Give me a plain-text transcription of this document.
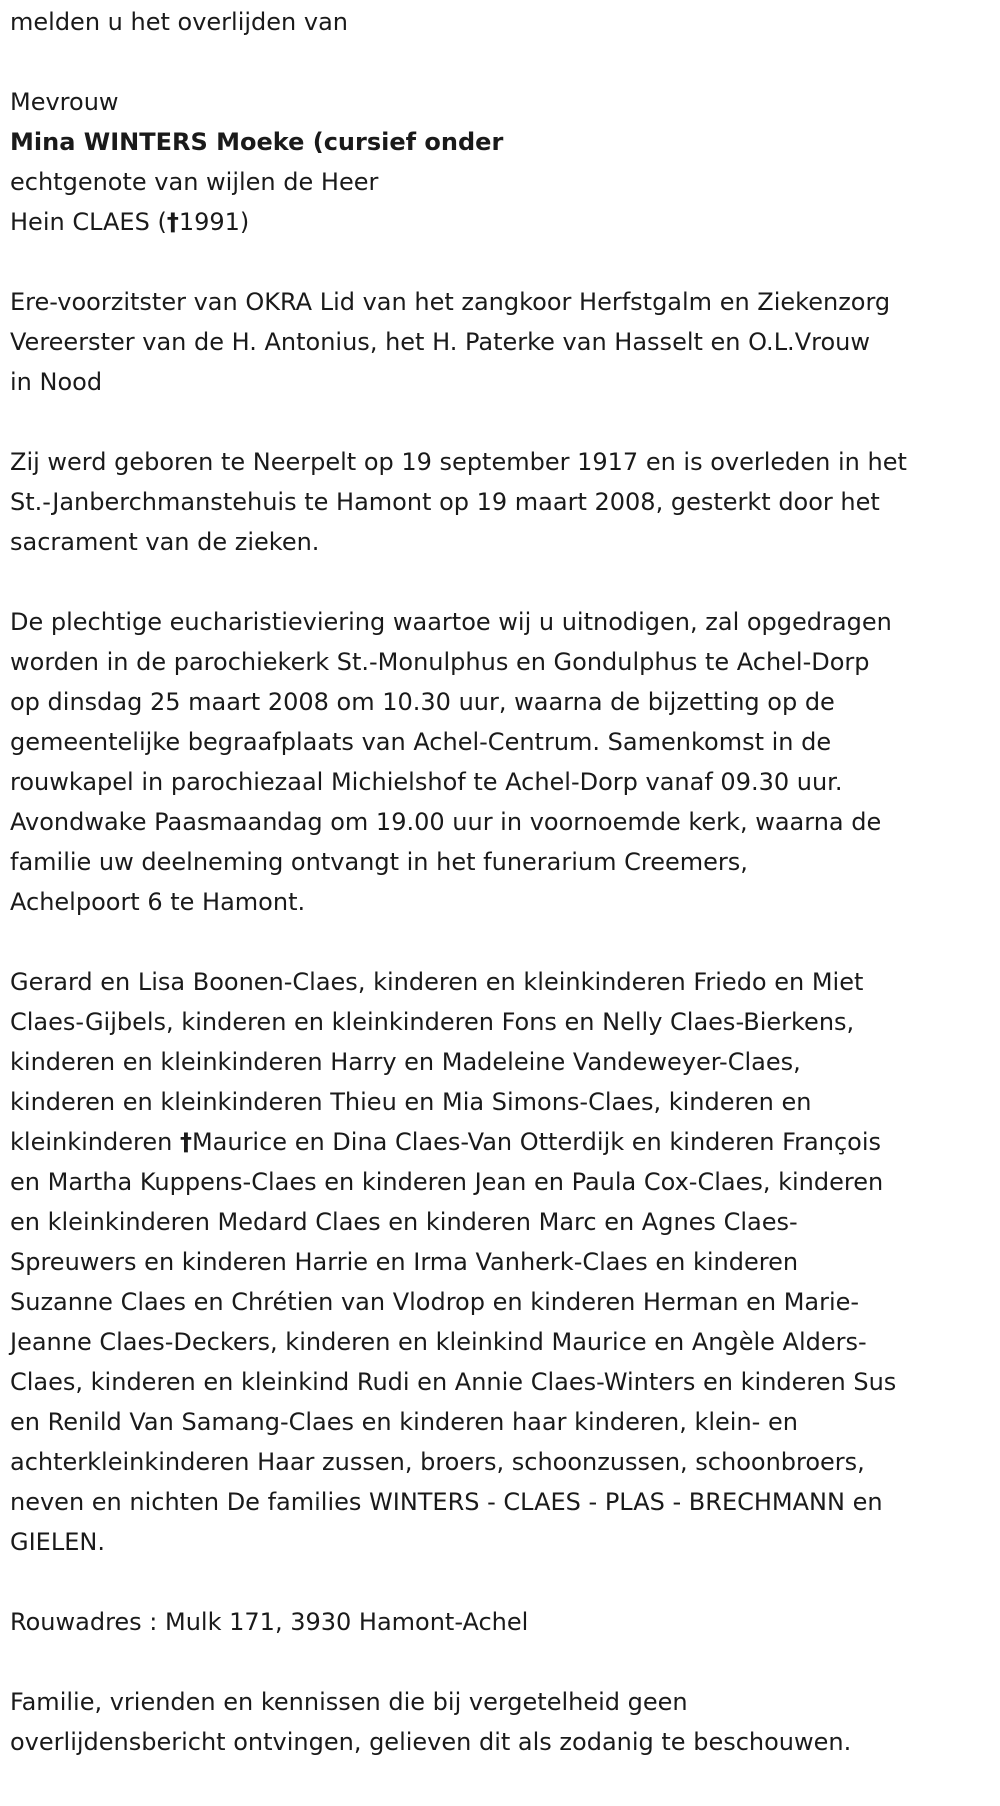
melden u het overlijden van
Mevrouw
Mina WINTERS Moeke (cursief onder
echtgenote van wijlen de Heer
Hein CLAES (†1991)
Ere-voorzitster van OKRA Lid van het zangkoor Herfstgalm en Ziekenzorg
Vereerster van de H. Antonius, het H. Paterke van Hasselt en O.L.Vrouw
in Nood
Zij werd geboren te Neerpelt op 19 september 1917 en is overleden in het
St.-Janberchmanstehuis te Hamont op 19 maart 2008, gesterkt door het
sacrament van de zieken.
De plechtige eucharistieviering waartoe wij u uitnodigen, zal opgedragen
worden in de parochiekerk St.-Monulphus en Gondulphus te Achel-Dorp
op dinsdag 25 maart 2008 om 10.30 uur, waarna de bijzetting op de
gemeentelijke begraafplaats van Achel-Centrum. Samenkomst in de
rouwkapel in parochiezaal Michielshof te Achel-Dorp vanaf 09.30 uur.
Avondwake Paasmaandag om 19.00 uur in voornoemde kerk, waarna de
familie uw deelneming ontvangt in het funerarium Creemers,
Achelpoort 6 te Hamont.
Gerard en Lisa Boonen-Claes, kinderen en kleinkinderen Friedo en Miet
Claes-Gijbels, kinderen en kleinkinderen Fons en Nelly Claes-Bierkens,
kinderen en kleinkinderen Harry en Madeleine Vandeweyer-Claes,
kinderen en kleinkinderen Thieu en Mia Simons-Claes, kinderen en
kleinkinderen †Maurice en Dina Claes-Van Otterdijk en kinderen François
en Martha Kuppens-Claes en kinderen Jean en Paula Cox-Claes, kinderen
en kleinkinderen Medard Claes en kinderen Marc en Agnes Claes-
Spreuwers en kinderen Harrie en Irma Vanherk-Claes en kinderen
Suzanne Claes en Chrétien van Vlodrop en kinderen Herman en Marie-
Jeanne Claes-Deckers, kinderen en kleinkind Maurice en Angèle Alders-
Claes, kinderen en kleinkind Rudi en Annie Claes-Winters en kinderen Sus
en Renild Van Samang-Claes en kinderen haar kinderen, klein- en
achterkleinkinderen Haar zussen, broers, schoonzussen, schoonbroers,
neven en nichten De families WINTERS - CLAES - PLAS - BRECHMANN en
GIELEN.
Rouwadres : Mulk 171, 3930 Hamont-Achel
Familie, vrienden en kennissen die bij vergetelheid geen
overlijdensbericht ontvingen, gelieven dit als zodanig te beschouwen.
